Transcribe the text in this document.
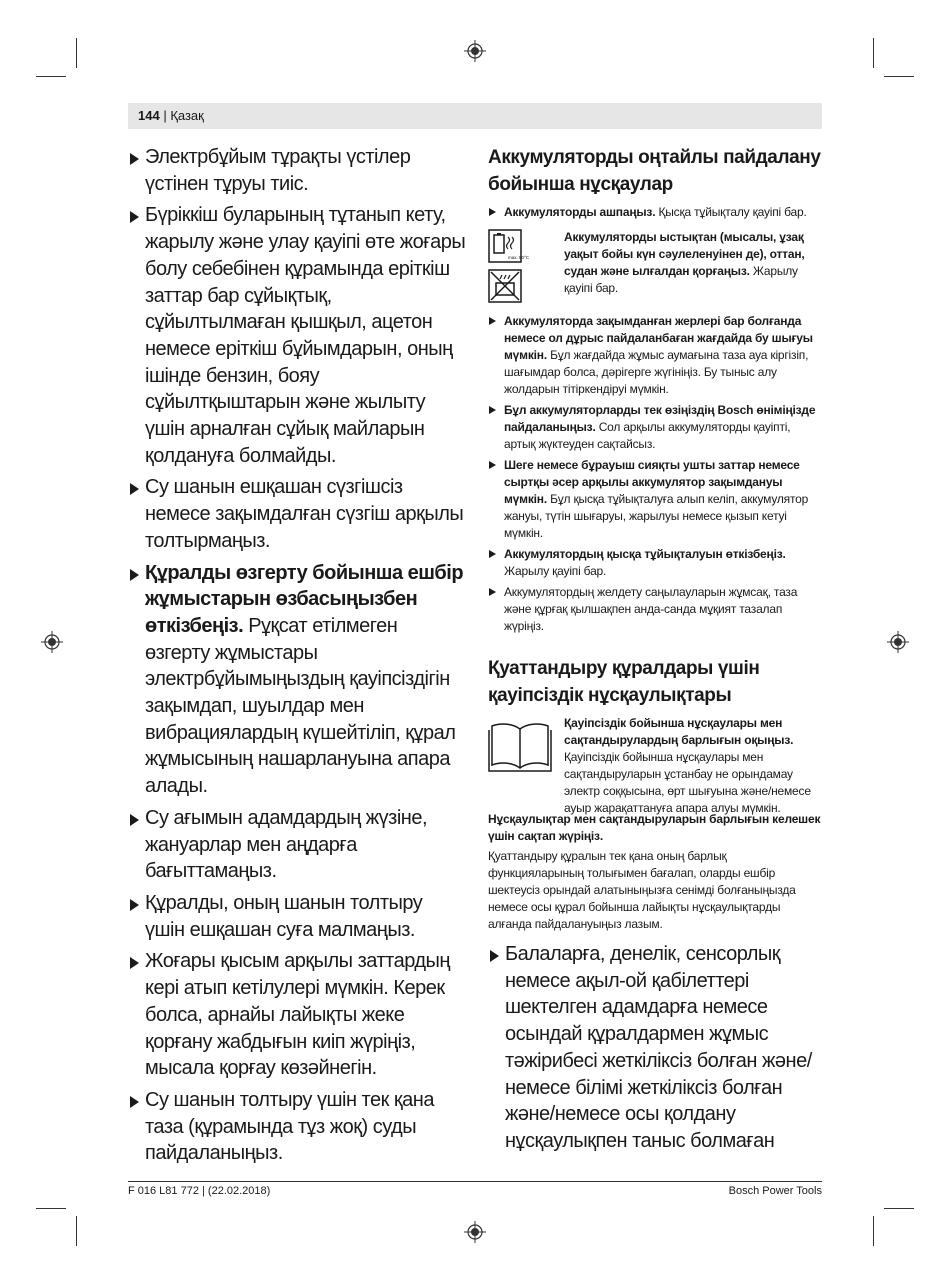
144 | Қазақ
Электрбұйым тұрақты үстілер үстінен тұруы тиіс.
Бүріккіш буларының тұтанып кету, жарылу және улау қауіпі өте жоғары болу себебінен құрамында еріткіш заттар бар сұйықтық, сұйылтылмаған қышқыл, ацетон немесе еріткіш бұйымдарын, оның ішінде бензин, бояу сұйылтқыштарын және жылыту үшін арналған сұйық майларын қолдануға болмайды.
Су шанын ешқашан сүзгішсіз немесе зақымдалған сүзгіш арқылы толтырмаңыз.
Құралды өзгерту бойынша ешбір жұмыстарын өзбасыңызбен өткізбеңіз. Рұқсат етілмеген өзгерту жұмыстары электрбұйымыңыздың қауіпсіздігін зақымдап, шуылдар мен вибрациялардың күшейтіліп, құрал жұмысының нашарлануына апара алады.
Су ағымын адамдардың жүзіне, жануарлар мен аңдарға бағыттамаңыз.
Құралды, оның шанын толтыру үшін ешқашан суға малмаңыз.
Жоғары қысым арқылы заттардың кері атып кетілулері мүмкін. Керек болса, арнайы лайықты жеке қорғану жабдығын киіп жүріңіз, мысала қорғау көзәйнегін.
Су шанын толтыру үшін тек қана таза (құрамында тұз жоқ) суды пайдаланыңыз.
Аккумуляторды оңтайлы пайдалану бойынша нұсқаулар
Аккумуляторды ашпаңыз. Қысқа тұйықталу қауіпі бар.
max. 50°C
Аккумуляторды ыстықтан (мысалы, ұзақ уақыт бойы күн сәулеленуінен де), оттан, судан және ылғалдан қорғаңыз. Жарылу қауіпі бар.
Аккумуляторда зақымданған жерлері бар болғанда немесе ол дұрыс пайдаланбаған жағдайда бу шығуы мүмкін. Бұл жағдайда жұмыс аумағына таза ауа кіргізіп, шағымдар болса, дәрігерге жүгініңіз. Бу тыныс алу жолдарын тітіркендіруі мүмкін.
Бұл аккумуляторларды тек өзіңіздің Bosch өніміңізде пайдаланыңыз. Сол арқылы аккумуляторды қауіпті, артық жүктеуден сақтайсыз.
Шеге немесе бұрауыш сияқты ушты заттар немесе сыртқы әсер арқылы аккумулятор зақымдануы мүмкін. Бұл қысқа тұйықталуға алып келіп, аккумулятор жануы, түтін шығаруы, жарылуы немесе қызып кетуі мүмкін.
Аккумулятордың қысқа тұйықталуын өткізбеңіз. Жарылу қауіпі бар.
Аккумулятордың желдету саңылауларын жұмсақ, таза және құрғақ қылшақпен анда-санда мұқият тазалап жүріңіз.
Қуаттандыру құралдары үшін қауіпсіздік нұсқаулықтары
Қауіпсіздік бойынша нұсқаулары мен сақтандырулардың барлығын оқыңыз. Қауіпсіздік бойынша нұсқаулары мен сақтандыруларын ұстанбау не орындамау электр соққысына, өрт шығуына және/немесе ауыр жарақаттануға апара алуы мүмкін.
Нұсқаулықтар мен сақтандыруларын барлығын келешек үшін сақтап жүріңіз.
Қуаттандыру құралын тек қана оның барлық функцияларының толығымен бағалап, оларды ешбір шектеусіз орындай алатыныңызға сенімді болғаныңызда немесе осы құрал бойынша лайықты нұсқаулықтарды алғанда пайдалануыңыз лазым.
Балаларға, денелік, сенсорлық немесе ақыл-ой қабілеттері шектелген адамдарға немесе осындай құралдармен жұмыс тәжірибесі жеткіліксіз болған және/немесе білімі жеткіліксіз болған және/немесе осы қолдану нұсқаулықпен таныс болмаған
F 016 L81 772 | (22.02.2018)	Bosch Power Tools
